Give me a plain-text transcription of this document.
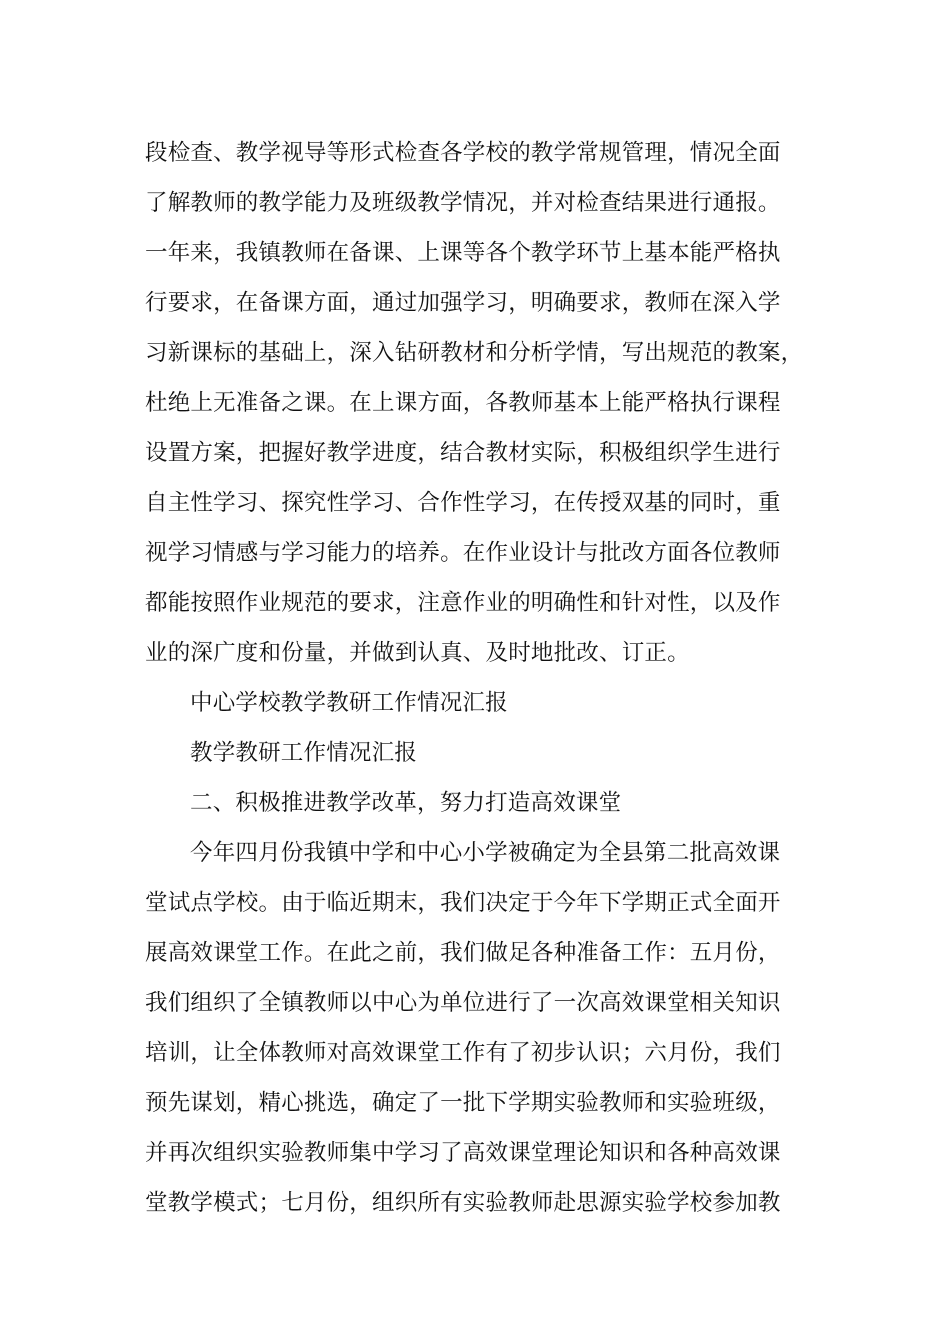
段检查、教学视导等形式检查各学校的教学常规管理，情况全面
了解教师的教学能力及班级教学情况，并对检查结果进行通报。
一年来，我镇教师在备课、上课等各个教学环节上基本能严格执
行要求，在备课方面，通过加强学习，明确要求，教师在深入学
习新课标的基础上，深入钻研教材和分析学情，写出规范的教案，
杜绝上无准备之课。在上课方面，各教师基本上能严格执行课程
设置方案，把握好教学进度，结合教材实际，积极组织学生进行
自主性学习、探究性学习、合作性学习，在传授双基的同时，重
视学习情感与学习能力的培养。在作业设计与批改方面各位教师
都能按照作业规范的要求，注意作业的明确性和针对性，以及作
业的深广度和份量，并做到认真、及时地批改、订正。
中心学校教学教研工作情况汇报
教学教研工作情况汇报
二、积极推进教学改革，努力打造高效课堂
今年四月份我镇中学和中心小学被确定为全县第二批高效课
堂试点学校。由于临近期末，我们决定于今年下学期正式全面开
展高效课堂工作。在此之前，我们做足各种准备工作：五月份，
我们组织了全镇教师以中心为单位进行了一次高效课堂相关知识
培训，让全体教师对高效课堂工作有了初步认识；六月份，我们
预先谋划，精心挑选，确定了一批下学期实验教师和实验班级，
并再次组织实验教师集中学习了高效课堂理论知识和各种高效课
堂教学模式；七月份，组织所有实验教师赴思源实验学校参加教
